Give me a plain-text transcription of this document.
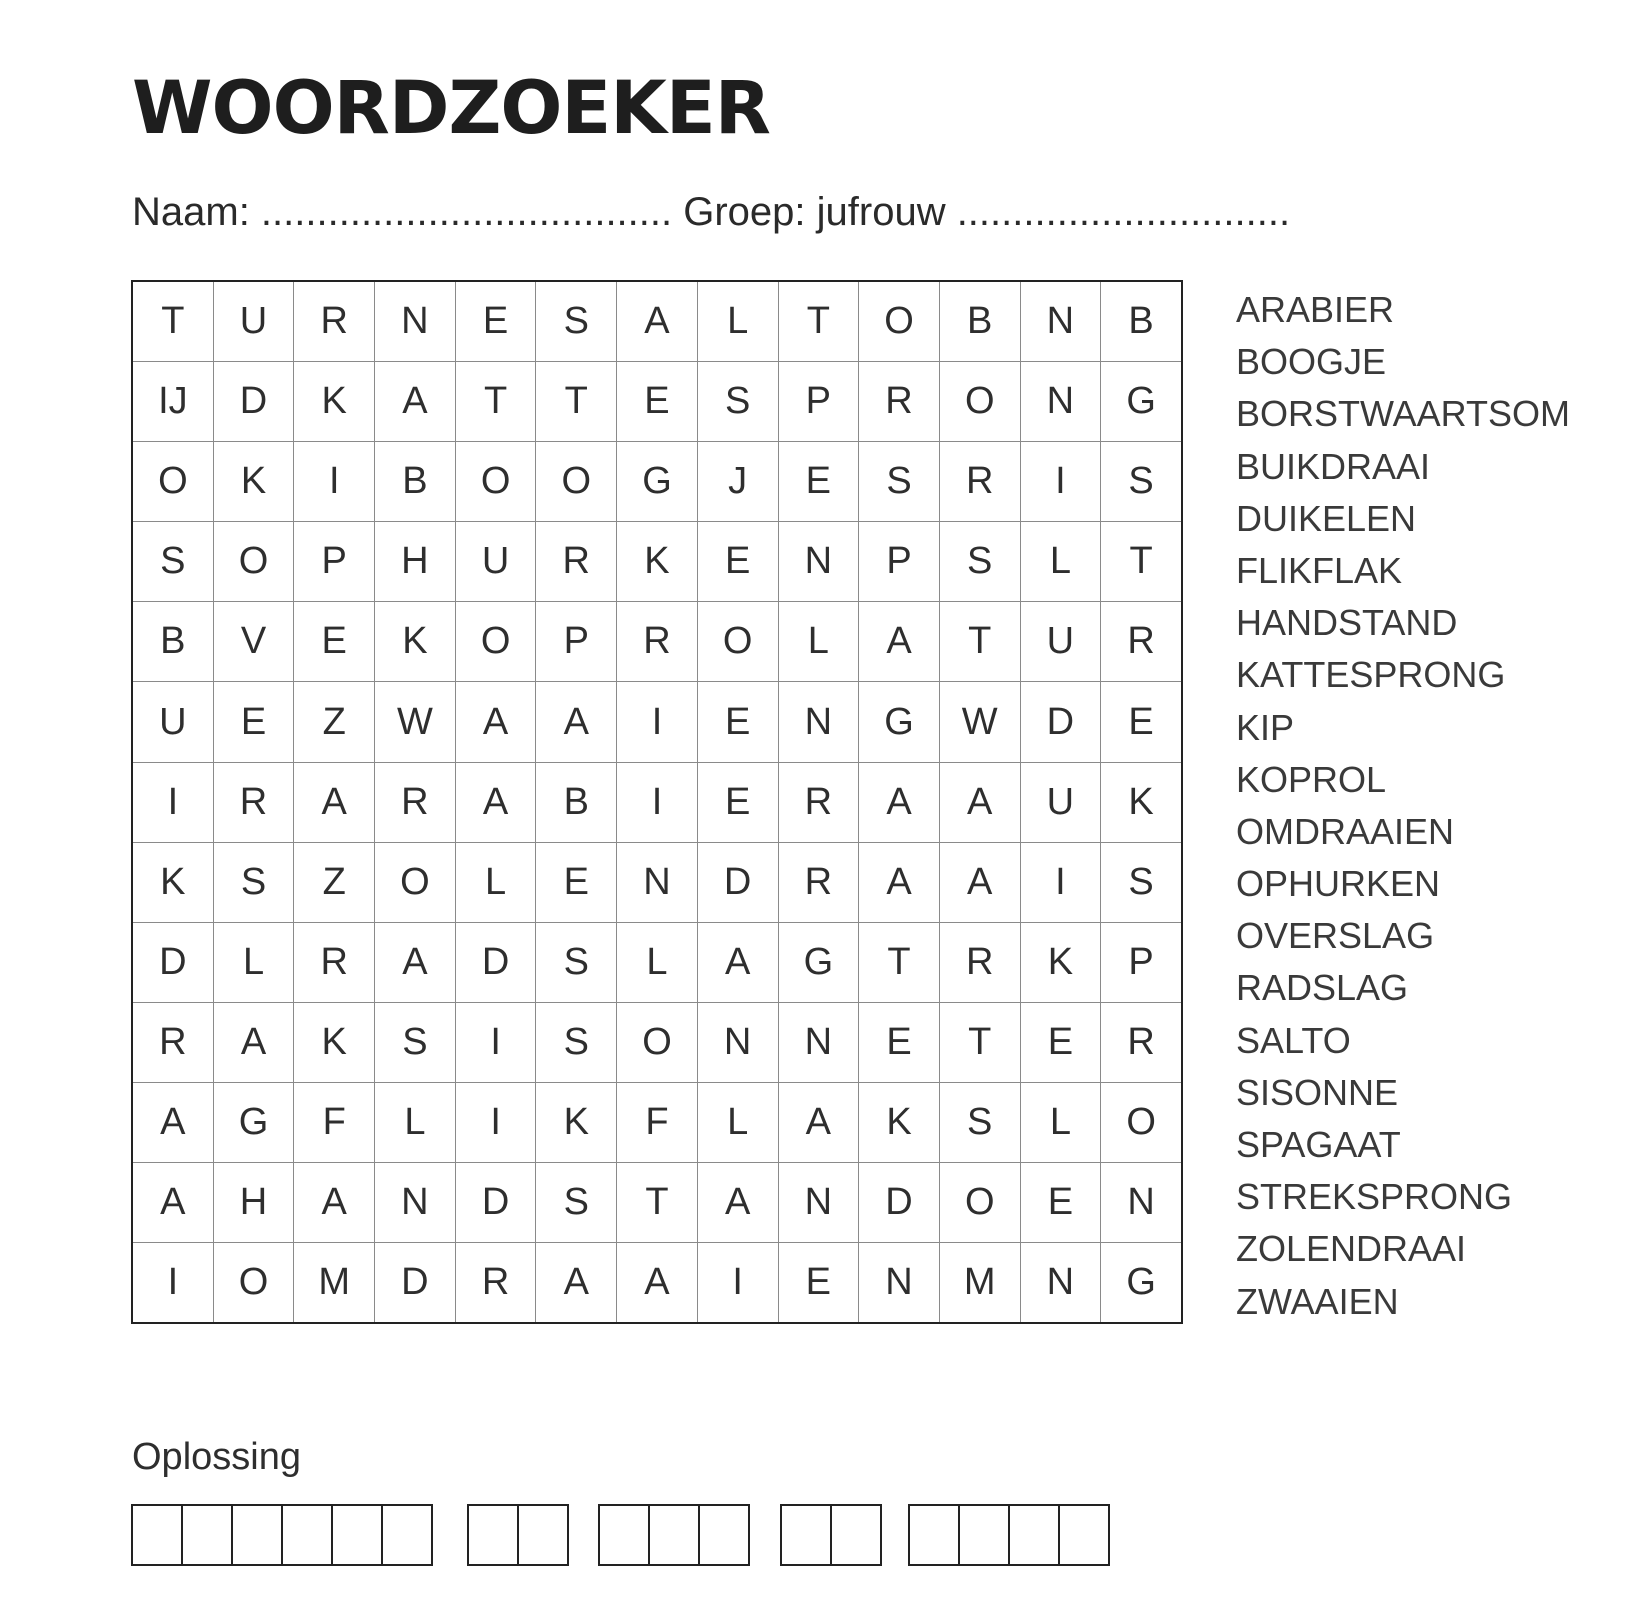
WOORDZOEKER
Naam: ..................................... Groep: jufrouw ..............................
T	U	R	N	E	S	A	L	T	O	B	N	B
IJ	D	K	A	T	T	E	S	P	R	O	N	G
O	K	I	B	O	O	G	J	E	S	R	I	S
S	O	P	H	U	R	K	E	N	P	S	L	T
B	V	E	K	O	P	R	O	L	A	T	U	R
U	E	Z	W	A	A	I	E	N	G	W	D	E
I	R	A	R	A	B	I	E	R	A	A	U	K
K	S	Z	O	L	E	N	D	R	A	A	I	S
D	L	R	A	D	S	L	A	G	T	R	K	P
R	A	K	S	I	S	O	N	N	E	T	E	R
A	G	F	L	I	K	F	L	A	K	S	L	O
A	H	A	N	D	S	T	A	N	D	O	E	N
I	O	M	D	R	A	A	I	E	N	M	N	G
ARABIER
BOOGJE
BORSTWAARTSOM
BUIKDRAAI
DUIKELEN
FLIKFLAK
HANDSTAND
KATTESPRONG
KIP
KOPROL
OMDRAAIEN
OPHURKEN
OVERSLAG
RADSLAG
SALTO
SISONNE
SPAGAAT
STREKSPRONG
ZOLENDRAAI
ZWAAIEN
Oplossing
